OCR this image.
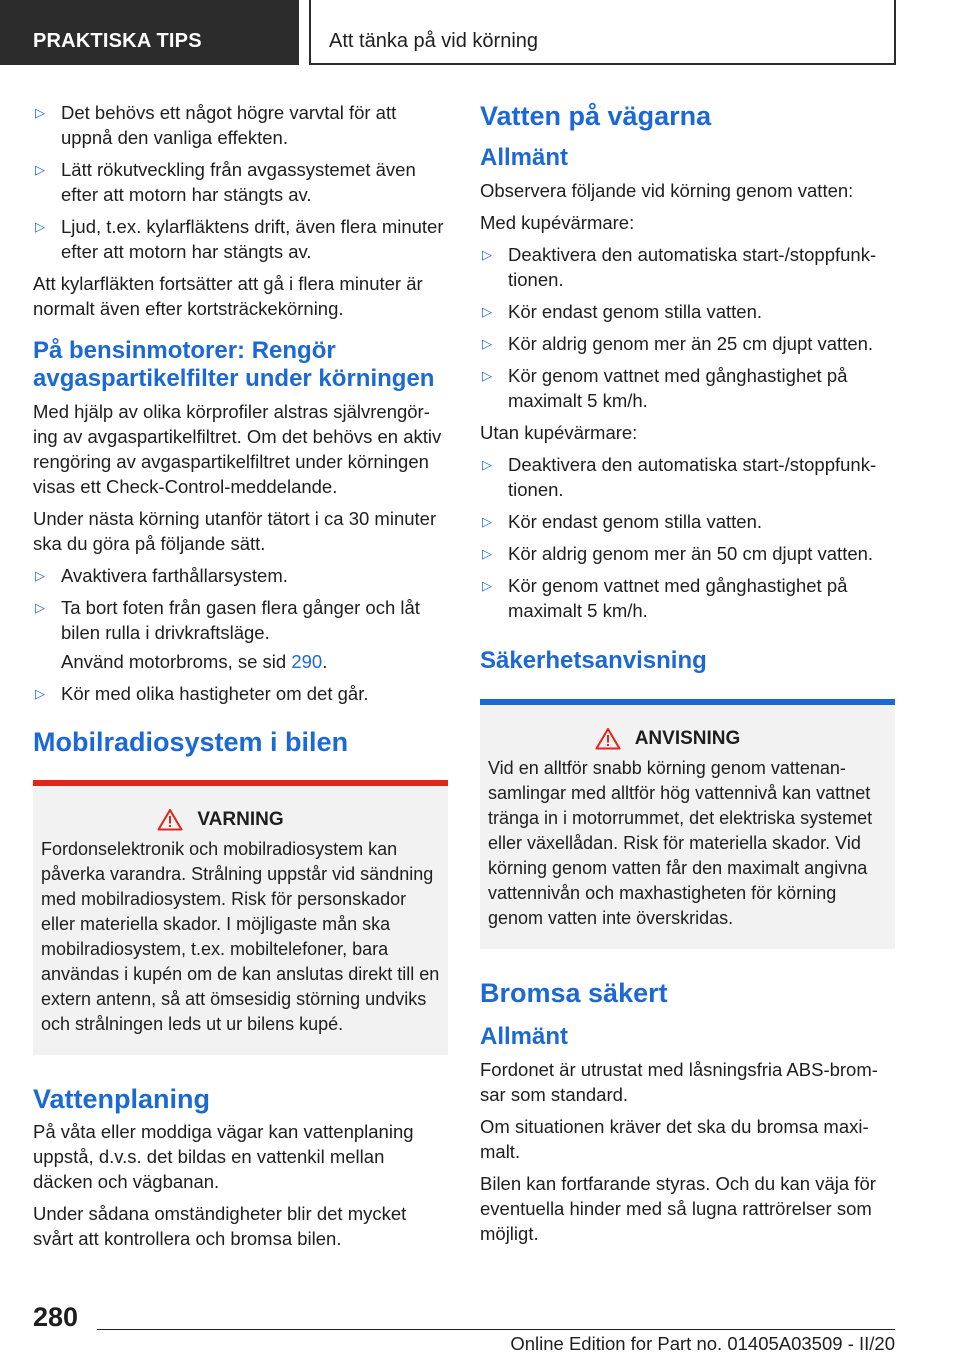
PRAKTISKA TIPS	Att tänka på vid körning
▷ Det behövs ett något högre varvtal för att uppnå den vanliga effekten.
▷ Lätt rökutveckling från avgassystemet även efter att motorn har stängts av.
▷ Ljud, t.ex. kylarfläktens drift, även flera minuter efter att motorn har stängts av.

Att kylarfläkten fortsätter att gå i flera minuter är normalt även efter kortsträckekörning.

På bensinmotorer: Rengör avgaspartikelfilter under körningen

Med hjälp av olika körprofiler alstras självrengöring av avgaspartikelfiltret. Om det behövs en aktiv rengöring av avgaspartikelfiltret under körningen visas ett Check-Control-meddelande.

Under nästa körning utanför tätort i ca 30 minuter ska du göra på följande sätt.

▷ Avaktivera farthållarsystem.
▷ Ta bort foten från gasen flera gånger och låt bilen rulla i drivkraftsläge.

Använd motorbroms, se sid 290.

▷ Kör med olika hastigheter om det går.
Mobilradiosystem i bilen
VARNING

Fordonselektronik och mobilradiosystem kan påverka varandra. Strålning uppstår vid sändning med mobilradiosystem. Risk för personskador eller materiella skador. I möjligaste mån ska mobilradiosystem, t.ex. mobiltelefoner, bara användas i kupén om de kan anslutas direkt till en extern antenn, så att ömsesidig störning undviks och strålningen leds ut ur bilens kupé.

Vattenplaning

På våta eller moddiga vägar kan vattenplaning uppstå, d.v.s. det bildas en vattenkil mellan däcken och vägbanan.

Under sådana omständigheter blir det mycket svårt att kontrollera och bromsa bilen.

Vatten på vägarna
Allmänt

Observera följande vid körning genom vatten:

Med kupévärmare:

▷ Deaktivera den automatiska start-/stoppfunktionen.
▷ Kör endast genom stilla vatten.
▷ Kör aldrig genom mer än 25 cm djupt vatten.
▷ Kör genom vattnet med gånghastighet på maximalt 5 km/h.

Utan kupévärmare:

▷ Deaktivera den automatiska start-/stoppfunktionen.
▷ Kör endast genom stilla vatten.
▷ Kör aldrig genom mer än 50 cm djupt vatten.
▷ Kör genom vattnet med gånghastighet på maximalt 5 km/h.
Säkerhetsanvisning
ANVISNING

Vid en alltför snabb körning genom vattenansamlingar med alltför hög vattennivå kan vattnet tränga in i motorrummet, det elektriska systemet eller växellådan. Risk för materiella skador. Vid körning genom vatten får den maximalt angivna vattennivån och maxhastigheten för körning genom vatten inte överskridas.

Bromsa säkert
Allmänt

Fordonet är utrustat med låsningsfria ABS-bromsar som standard.

Om situationen kräver det ska du bromsa maximalt.

Bilen kan fortfarande styras. Och du kan väja för eventuella hinder med så lugna rattrörelser som möjligt.

280
Online Edition for Part no. 01405A03509 - II/20
